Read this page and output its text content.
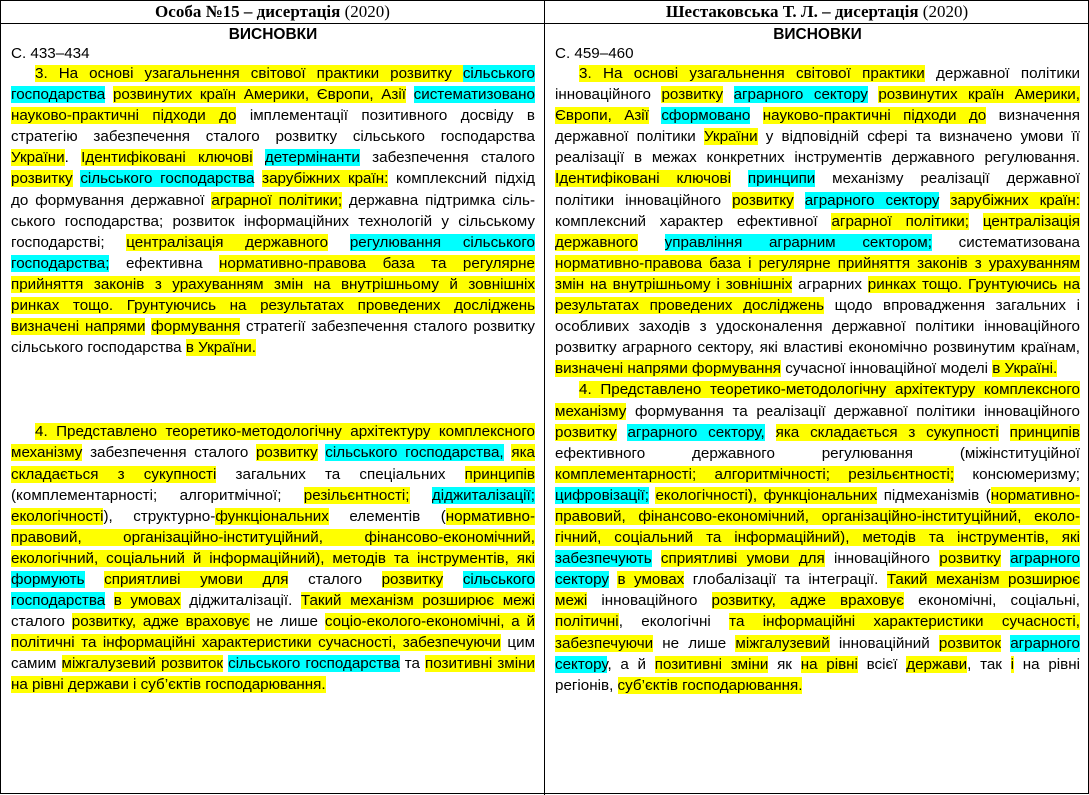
Особа №15 – дисертація (2020)
ВИСНОВКИ
С. 433–434

3. На основі узагальнення світової практики розвитку сільського господарства розвинутих країн Америки, Європи, Азії систематизовано науково-практичні підходи до імплементації позитивного досвіду в стратегію забезпечення сталого розвитку сільського господарства України. Ідентифіковані ключові детермінанти забезпечення сталого розвитку сільського господарства зарубіжних країн: комплексний підхід до формування державної аграрної політики; державна підтримка сільського господарства; розвиток інформаційних технологій у сільському господарстві; централізація державного регулювання сільського господарства; ефективна нормативно-правова база та регулярне прийняття законів з урахуванням змін на внутрішньому й зовнішніх ринках тощо. Грунтуючись на результатах проведених досліджень визначені напрями формування стратегії забезпечення сталого розвитку сільського господарства в України.

4. Представлено теоретико-методологічну архітектуру комплексного механізму забезпечення сталого розвитку сільського господарства, яка складається з сукупності загальних та спеціальних принципів (комплементарності; алгоритмічної; резільєнтності; діджиталізації; екологічності), структурно-функціональних елементів (нормативно-правовий, організаційно-інституційний, фінансово-економічний, екологічний, соціальний й інформаційний), методів та інструментів, які формують сприятливі умови для сталого розвитку сільського господарства в умовах діджиталізації. Такий механізм розширює межі сталого розвитку, адже враховує не лише соціо-еколого-економічні, а й політичні та інформаційні характеристики сучасності, забезпечуючи цим самим міжгалузевий розвиток сільського господарства та позитивні зміни на рівні держави і суб’єктів господарювання.

Шестаковська Т. Л. – дисертація (2020)
ВИСНОВКИ
С. 459–460

3. На основі узагальнення світової практики державної політики інноваційного розвитку аграрного сектору розвинутих країн Америки, Європи, Азії сформовано науково-практичні підходи до визначення державної політики України у відповідній сфері та визначено умови її реалізації в межах конкретних інструментів державного регулювання. Ідентифіковані ключові принципи механізму реалізації державної політики інноваційного розвитку аграрного сектору зарубіжних країн: комплексний характер ефективної аграрної політики; централізація державного управління аграрним сектором; систематизована нормативно-правова база і регулярне прийняття законів з урахуванням змін на внутрішньому і зовнішніх аграрних ринках тощо. Грунтуючись на результатах проведених досліджень щодо впровадження загальних і особливих заходів з удосконалення державної політики інноваційного розвитку аграрного сектору, які властиві економічно розвинутим країнам, визначені напрями формування сучасної інноваційної моделі в Україні.

4. Представлено теоретико-методологічну архітектуру комплексного механізму формування та реалізації державної політики інноваційного розвитку аграрного сектору, яка складається з сукупності принципів ефективного державного регулювання (міжінституційної комплементарності; алгоритмічності; резільєнтності; консюмеризму; цифровізації; екологічності), функціональних підмеханізмів (нормативно-правовий, фінансово-економічний, організаційно-інституційний, екологічний, соціальний та інформаційний), методів та інструментів, які забезпечують сприятливі умови для інноваційного розвитку аграрного сектору в умовах глобалізації та інтеграції. Такий механізм розширює межі інноваційного розвитку, адже враховує економічні, соціальні, політичні, екологічні та інформаційні характеристики сучасності, забезпечуючи не лише міжгалузевий інноваційний розвиток аграрного сектору, а й позитивні зміни як на рівні всієї держави, так і на рівні регіонів, суб’єктів господарювання.
